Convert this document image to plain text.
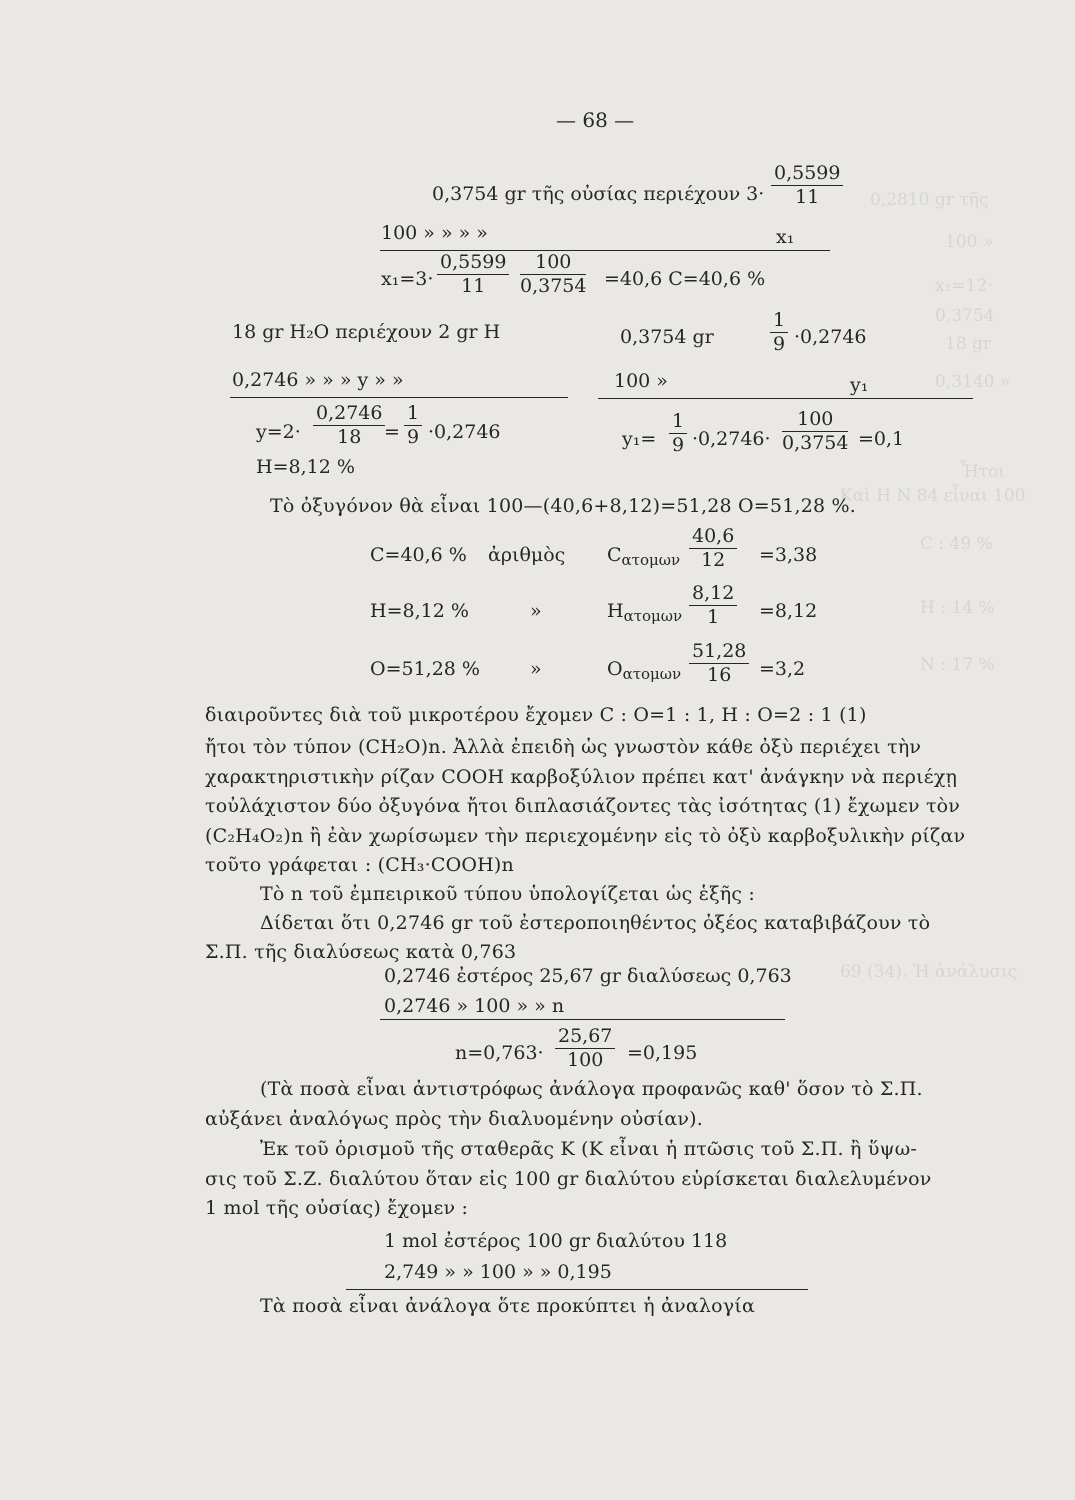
0,2810 gr τῆς
100 »
x₁=12·
0,3754
18 gr
0,3140 »
C : 49 %
H : 14 %
N : 17 %
Ἦτοι
Καὶ Η Ν 84 εἶναι 100
69 (34). Ἡ ἀνάλυσις
— 68 —
0,3754 gr τῆς οὐσίας περιέχουν $3\cdot \frac{0,5599}{11}$
100 » » » »	x₁
$x_1=3\cdot \frac{0,5599}{11} \frac{100}{0,3754} =40,6$ C=40,6 %
18 gr H₂O περιέχουν 2 gr H
0,2746 » » » y » »
$y=2\cdot \frac{0,2746}{18}$
= $\frac{1}{9} \cdot 0,2746$
H=8,12 %
0,3754 gr	$\frac{1}{9} \cdot 0,2746$
100 »	y₁
$y_1= \frac{1}{9} \cdot 0,2746\cdot \frac{100}{0,3754} =0,1$
Τὸ ὀξυγόνον θὰ εἶναι 100—(40,6+8,12)=51,28 O=51,28 %.
C=40,6 % ἀριθμὸς $C_{\alpha\tau o\mu\omega\nu} \frac{40,6}{12} =3,38$
H=8,12 %	»	$H_{\alpha\tau o\mu\omega\nu} \frac{8,12}{1} =8,12$
O=51,28 %	»	$O_{\alpha\tau o\mu\omega\nu} \frac{51,28}{16} =3,2$
διαιροῦντες διὰ τοῦ μικροτέρου ἔχομεν C : O=1 : 1, H : O=2 : 1 (1)
ἤτοι τὸν τύπον (CH₂O)n. Ἀλλὰ ἐπειδὴ ὡς γνωστὸν κάθε ὀξὺ περιέχει τὴν
χαρακτηριστικὴν ρίζαν COOH καρβοξύλιον πρέπει κατ' ἀνάγκην νὰ περιέχῃ
τοὐλάχιστον δύο ὀξυγόνα ἤτοι διπλασιάζοντες τὰς ἰσότητας (1) ἔχωμεν τὸν
(C₂H₄O₂)n ἢ ἐὰν χωρίσωμεν τὴν περιεχομένην εἰς τὸ ὀξὺ καρβοξυλικὴν ρίζαν
τοῦτο γράφεται : (CH₃·COOH)n
Τὸ n τοῦ ἐμπειρικοῦ τύπου ὑπολογίζεται ὡς ἑξῆς :
Δίδεται ὅτι 0,2746 gr τοῦ ἐστεροποιηθέντος ὀξέος καταβιβάζουν τὸ
Σ.Π. τῆς διαλύσεως κατὰ 0,763
0,2746 ἐστέρος 25,67 gr διαλύσεως 0,763
0,2746 » 100 » » n
$n=0,763\cdot \frac{25,67}{100} =0,195$
(Τὰ ποσὰ εἶναι ἀντιστρόφως ἀνάλογα προφανῶς καθ' ὅσον τὸ Σ.Π.
αὐξάνει ἀναλόγως πρὸς τὴν διαλυομένην οὐσίαν).
Ἐκ τοῦ ὁρισμοῦ τῆς σταθερᾶς Κ (Κ εἶναι ἡ πτῶσις τοῦ Σ.Π. ἢ ὕψω-
σις τοῦ Σ.Ζ. διαλύτου ὅταν εἰς 100 gr διαλύτου εὑρίσκεται διαλελυμένον
1 mol τῆς οὐσίας) ἔχομεν :
1 mol ἐστέρος 100 gr διαλύτου 118
2,749 » » 100 » » 0,195
Τὰ ποσὰ εἶναι ἀνάλογα ὅτε προκύπτει ἡ ἀναλογία
